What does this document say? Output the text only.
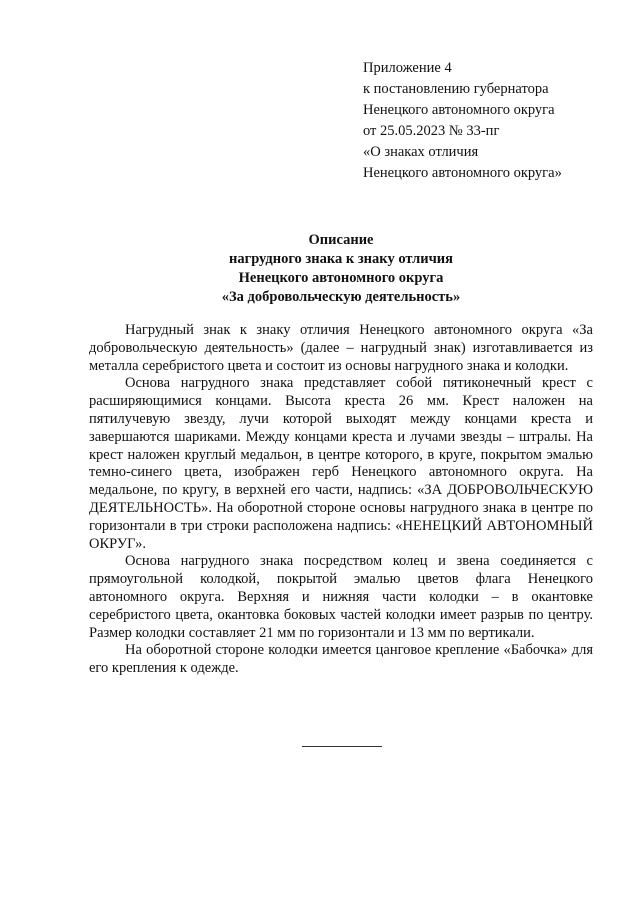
Приложение 4
к постановлению губернатора
Ненецкого автономного округа
от 25.05.2023 № 33-пг
«О знаках отличия
Ненецкого автономного округа»
Описание
нагрудного знака к знаку отличия
Ненецкого автономного округа
«За добровольческую деятельность»

Нагрудный знак к знаку отличия Ненецкого автономного округа «За добровольческую деятельность» (далее – нагрудный знак) изготавливается из металла серебристого цвета и состоит из основы нагрудного знака и колодки.

Основа нагрудного знака представляет собой пятиконечный крест с расширяющимися концами. Высота креста 26 мм. Крест наложен на пятилучевую звезду, лучи которой выходят между концами креста и завершаются шариками. Между концами креста и лучами звезды – штралы. На крест наложен круглый медальон, в центре которого, в круге, покрытом эмалью темно-синего цвета, изображен герб Ненецкого автономного округа. На медальоне, по кругу, в верхней его части, надпись: «ЗА ДОБРОВОЛЬЧЕСКУЮ ДЕЯТЕЛЬНОСТЬ». На оборотной стороне основы нагрудного знака в центре по горизонтали в три строки расположена надпись: «НЕНЕЦКИЙ АВТОНОМНЫЙ ОКРУГ».

Основа нагрудного знака посредством колец и звена соединяется с прямоугольной колодкой, покрытой эмалью цветов флага Ненецкого автономного округа. Верхняя и нижняя части колодки – в окантовке серебристого цвета, окантовка боковых частей колодки имеет разрыв по центру. Размер колодки составляет 21 мм по горизонтали и 13 мм по вертикали.

На оборотной стороне колодки имеется цанговое крепление «Бабочка» для его крепления к одежде.
